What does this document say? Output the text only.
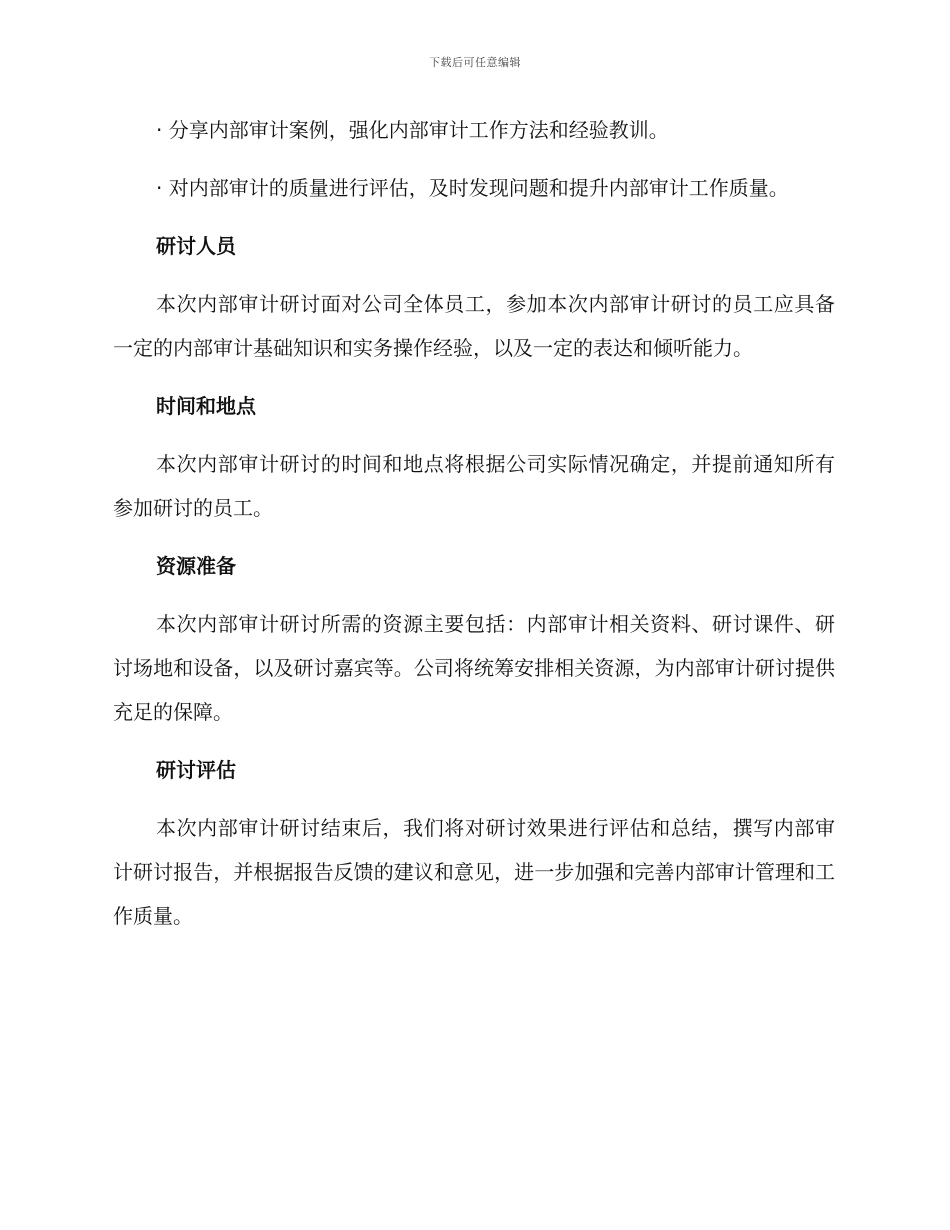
下载后可任意编辑

· 分享内部审计案例，强化内部审计工作方法和经验教训。

· 对内部审计的质量进行评估，及时发现问题和提升内部审计工作质量。

研讨人员

本次内部审计研讨面对公司全体员工，参加本次内部审计研讨的员工应具备一定的内部审计基础知识和实务操作经验，以及一定的表达和倾听能力。

时间和地点

本次内部审计研讨的时间和地点将根据公司实际情况确定，并提前通知所有参加研讨的员工。

资源准备

本次内部审计研讨所需的资源主要包括：内部审计相关资料、研讨课件、研讨场地和设备，以及研讨嘉宾等。公司将统筹安排相关资源，为内部审计研讨提供充足的保障。

研讨评估

本次内部审计研讨结束后，我们将对研讨效果进行评估和总结，撰写内部审计研讨报告，并根据报告反馈的建议和意见，进一步加强和完善内部审计管理和工作质量。
